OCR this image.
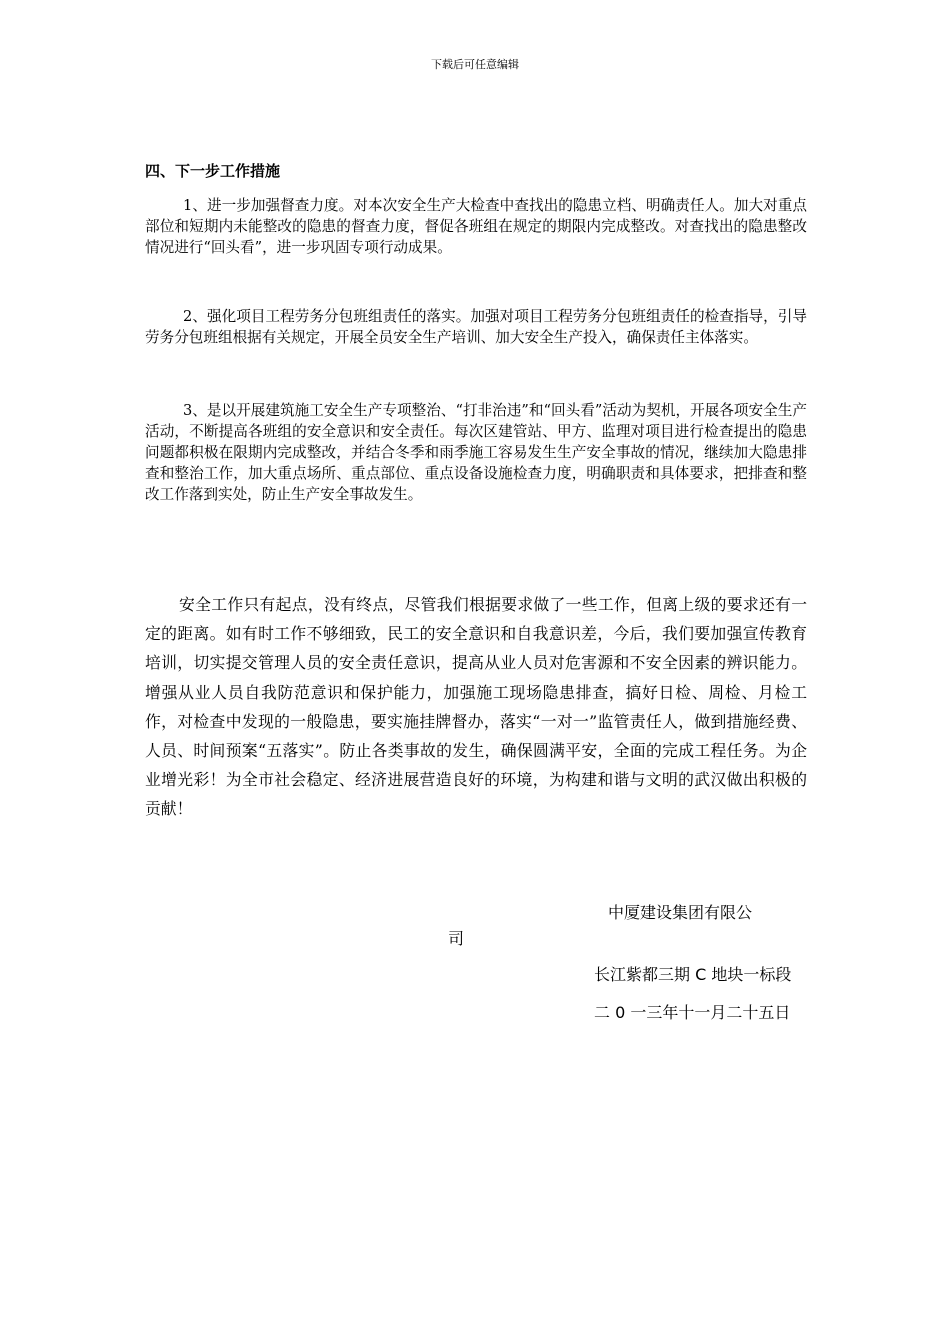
下载后可任意编辑
四、下一步工作措施

1、进一步加强督查力度。对本次安全生产大检查中查找出的隐患立档、明确责任人。加大对重点部位和短期内未能整改的隐患的督查力度，督促各班组在规定的期限内完成整改。对查找出的隐患整改情况进行“回头看”，进一步巩固专项行动成果。

2、强化项目工程劳务分包班组责任的落实。加强对项目工程劳务分包班组责任的检查指导，引导劳务分包班组根据有关规定，开展全员安全生产培训、加大安全生产投入，确保责任主体落实。

3、是以开展建筑施工安全生产专项整治、“打非治违”和“回头看”活动为契机，开展各项安全生产活动，不断提高各班组的安全意识和安全责任。每次区建管站、甲方、监理对项目进行检查提出的隐患问题都积极在限期内完成整改，并结合冬季和雨季施工容易发生生产安全事故的情况，继续加大隐患排查和整治工作，加大重点场所、重点部位、重点设备设施检查力度，明确职责和具体要求，把排查和整改工作落到实处，防止生产安全事故发生。

安全工作只有起点，没有终点，尽管我们根据要求做了一些工作，但离上级的要求还有一定的距离。如有时工作不够细致，民工的安全意识和自我意识差，今后，我们要加强宣传教育培训，切实提交管理人员的安全责任意识，提高从业人员对危害源和不安全因素的辨识能力。增强从业人员自我防范意识和保护能力，加强施工现场隐患排查，搞好日检、周检、月检工作，对检查中发现的一般隐患，要实施挂牌督办，落实“一对一”监管责任人，做到措施经费、人员、时间预案“五落实”。防止各类事故的发生，确保圆满平安，全面的完成工程任务。为企业增光彩！为全市社会稳定、经济进展营造良好的环境，为构建和谐与文明的武汉做出积极的贡献！

中厦建设集团有限公
司
长江紫都三期 C 地块一标段
二 0 一三年十一月二十五日
